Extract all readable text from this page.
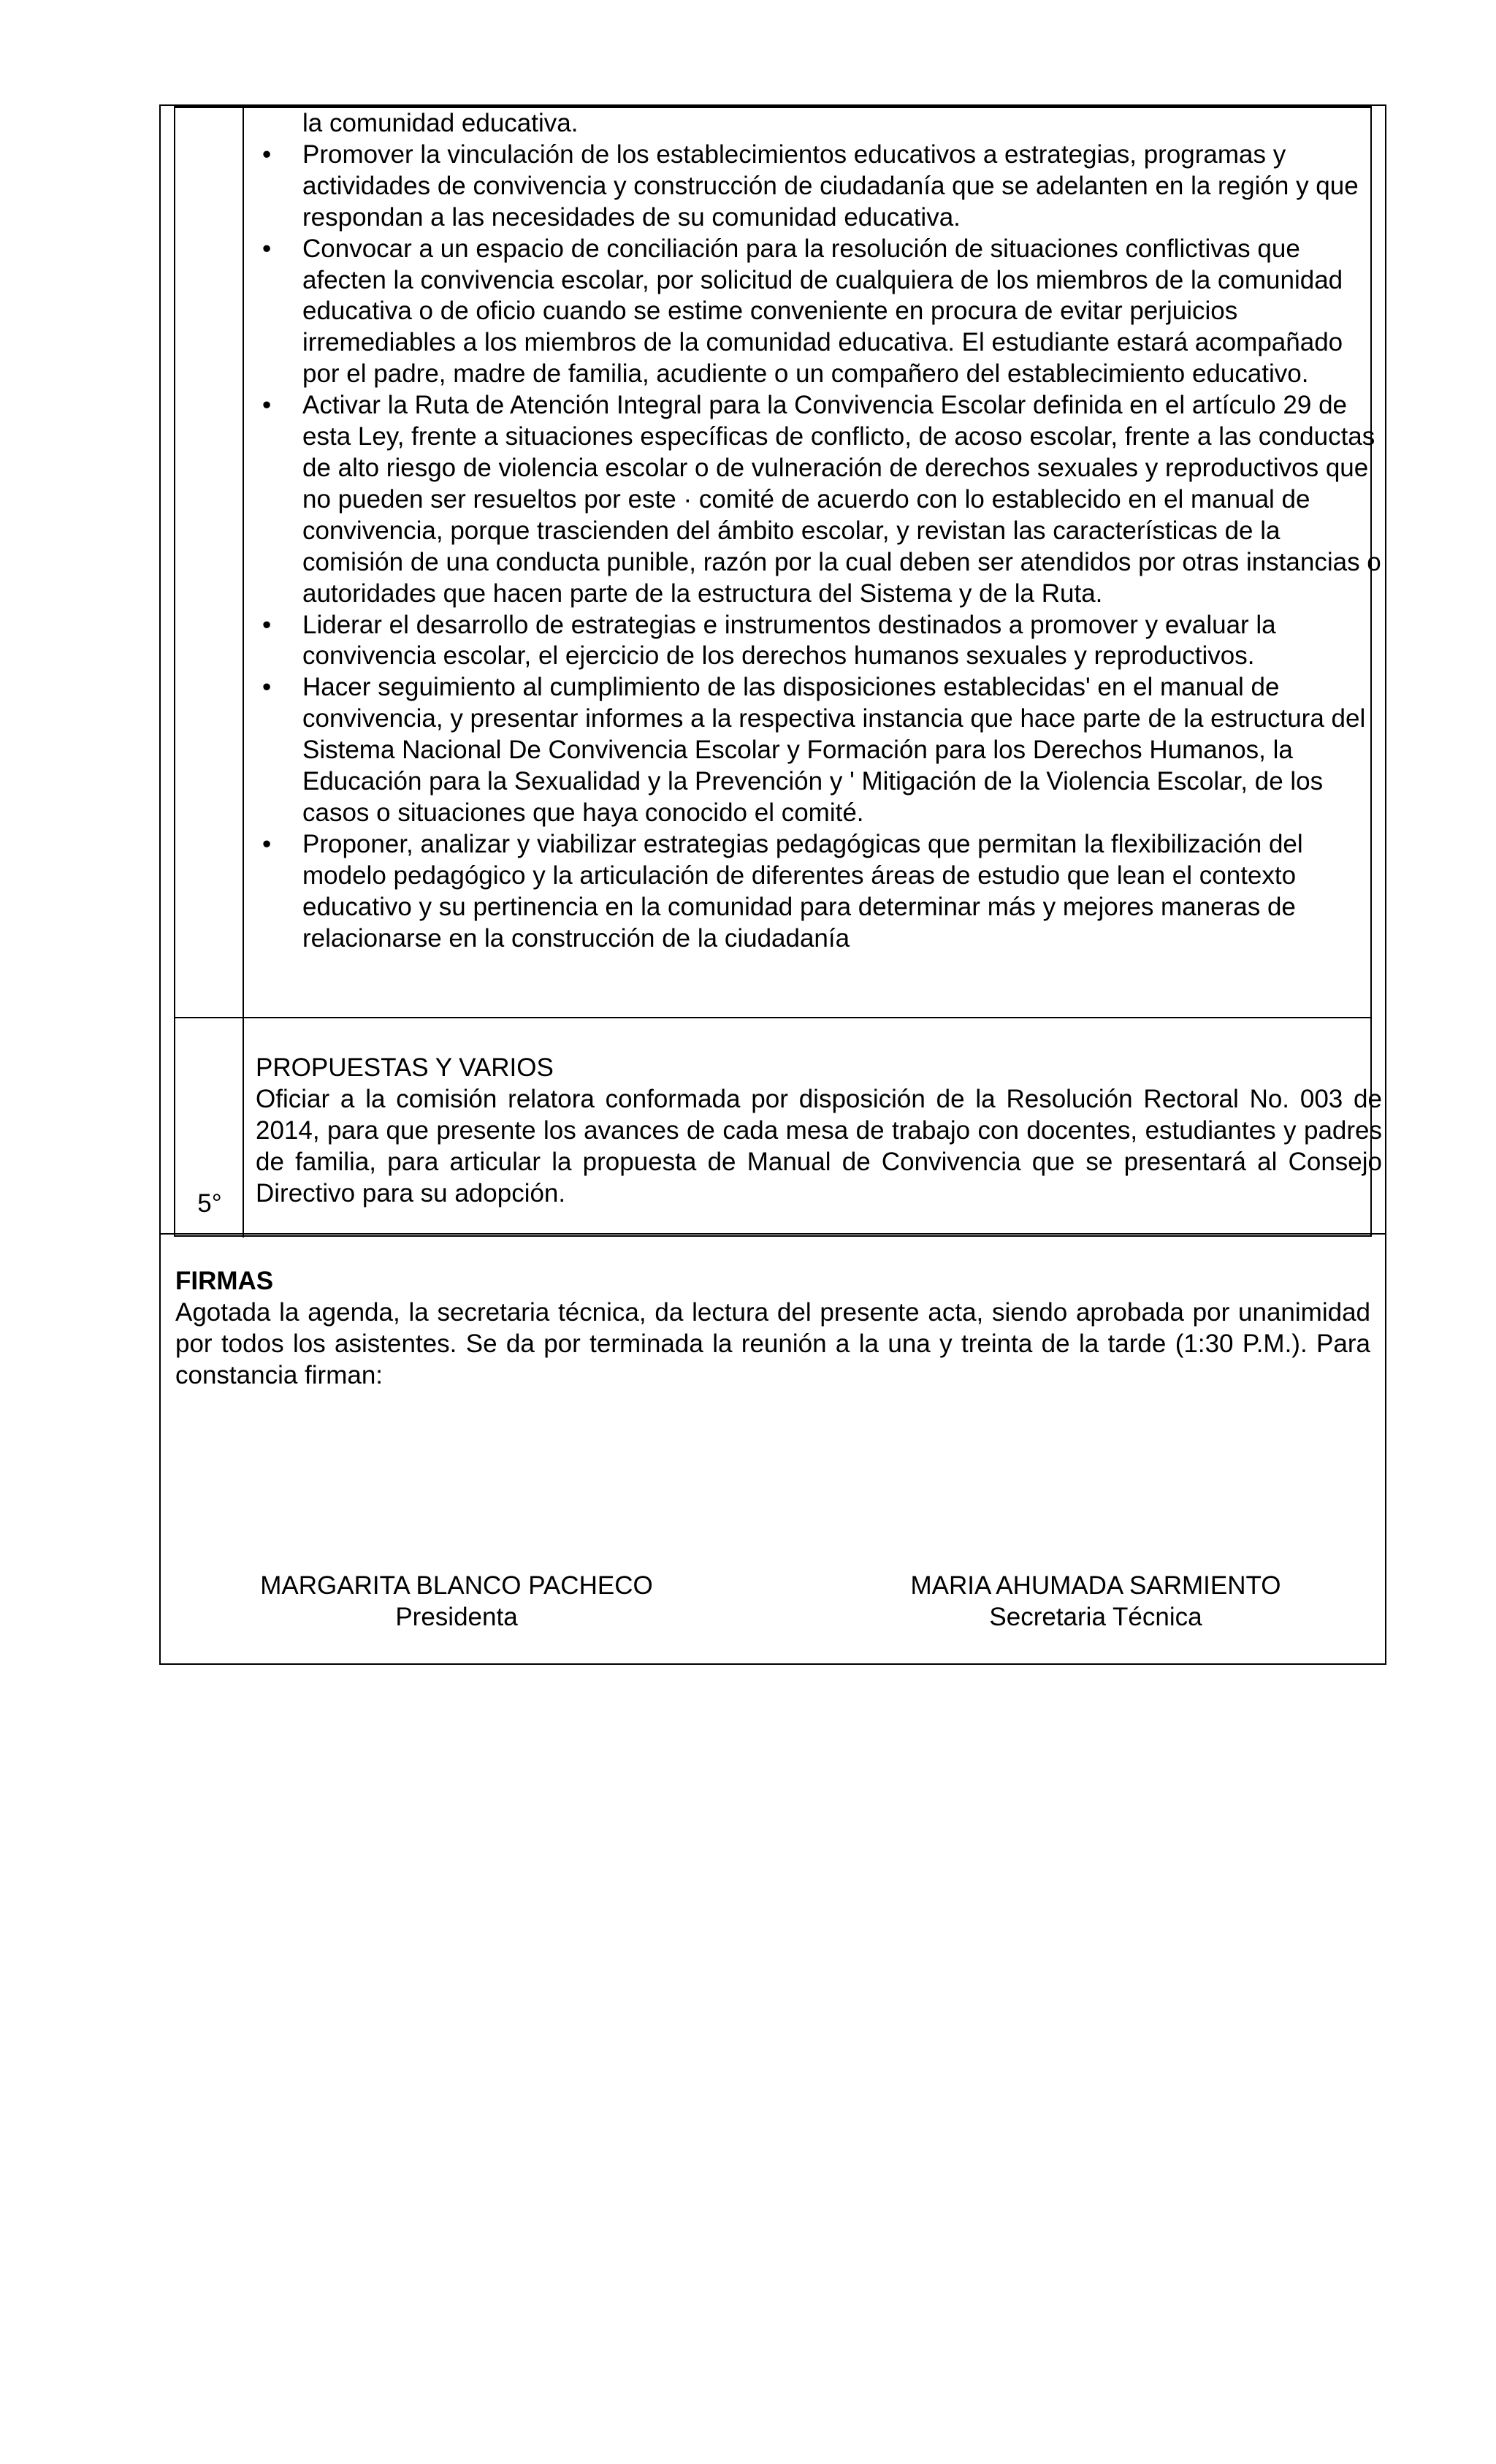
la comunidad educativa.
• Promover la vinculación de los establecimientos educativos a estrategias, programas y actividades de convivencia y construcción de ciudadanía que se adelanten en la región y que respondan a las necesidades de su comunidad educativa.
• Convocar a un espacio de conciliación para la resolución de situaciones conflictivas que afecten la convivencia escolar, por solicitud de cualquiera de los miembros de la comunidad educativa o de oficio cuando se estime conveniente en procura de evitar perjuicios irremediables a los miembros de la comunidad educativa. El estudiante estará acompañado por el padre, madre de familia, acudiente o un compañero del establecimiento educativo.
• Activar la Ruta de Atención Integral para la Convivencia Escolar definida en el artículo 29 de esta Ley, frente a situaciones específicas de conflicto, de acoso escolar, frente a las conductas de alto riesgo de violencia escolar o de vulneración de derechos sexuales y reproductivos que no pueden ser resueltos por este · comité de acuerdo con lo establecido en el manual de convivencia, porque trascienden del ámbito escolar, y revistan las características de la comisión de una conducta punible, razón por la cual deben ser atendidos por otras instancias o autoridades que hacen parte de la estructura del Sistema y de la Ruta.
• Liderar el desarrollo de estrategias e instrumentos destinados a promover y evaluar la convivencia escolar, el ejercicio de los derechos humanos sexuales y reproductivos.
• Hacer seguimiento al cumplimiento de las disposiciones establecidas' en el manual de convivencia, y presentar informes a la respectiva instancia que hace parte de la estructura del Sistema Nacional De Convivencia Escolar y Formación para los Derechos Humanos, la Educación para la Sexualidad y la Prevención y ' Mitigación de la Violencia Escolar, de los casos o situaciones que haya conocido el comité.
• Proponer, analizar y viabilizar estrategias pedagógicas que permitan la flexibilización del modelo pedagógico y la articulación de diferentes áreas de estudio que lean el contexto educativo y su pertinencia en la comunidad para determinar más y mejores maneras de relacionarse en la construcción de la ciudadanía
5°
PROPUESTAS Y VARIOS
Oficiar a la comisión relatora conformada por disposición de la Resolución Rectoral No. 003 de 2014, para que presente los avances de cada mesa de trabajo con docentes, estudiantes y padres de familia, para articular la propuesta de Manual de Convivencia que se presentará al Consejo Directivo para su adopción.
FIRMAS
Agotada la agenda, la secretaria técnica, da lectura del presente acta, siendo aprobada por unanimidad por todos los asistentes. Se da por terminada la reunión a la una y treinta de la tarde (1:30 P.M.). Para constancia firman:
MARGARITA BLANCO PACHECO
Presidenta
MARIA AHUMADA SARMIENTO
Secretaria Técnica
